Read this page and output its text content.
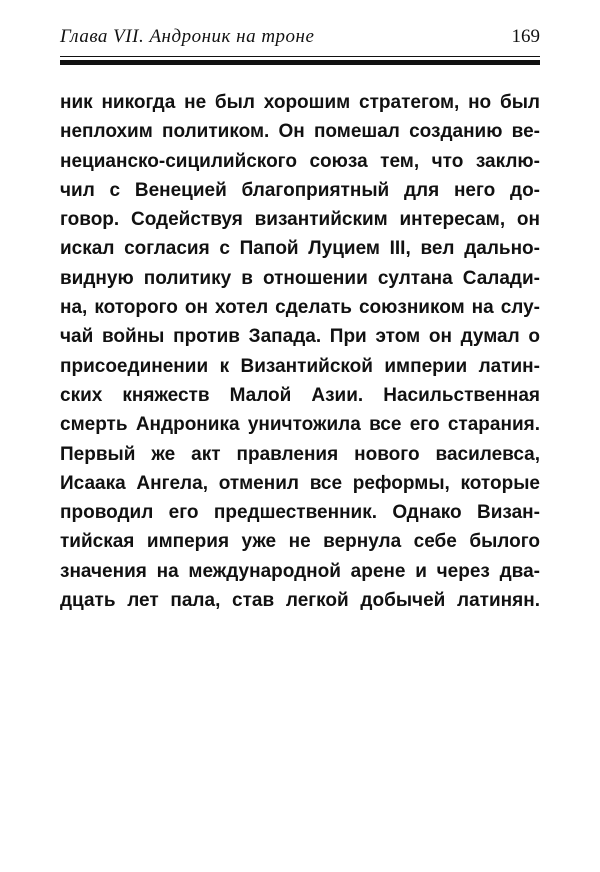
Глава VII. Андроник на троне	169
ник никогда не был хорошим стратегом, но был
неплохим политиком. Он помешал созданию ве-
нецианско-сицилийского союза тем, что заклю-
чил с Венецией благоприятный для него до-
говор. Содействуя византийским интересам, он
искал согласия с Папой Луцием III, вел дально-
видную политику в отношении султана Салади-
на, которого он хотел сделать союзником на слу-
чай войны против Запада. При этом он думал о
присоединении к Византийской империи латин-
ских княжеств Малой Азии. Насильственная
смерть Андроника уничтожила все его старания.
Первый же акт правления нового василевса,
Исаака Ангела, отменил все реформы, которые
проводил его предшественник. Однако Визан-
тийская империя уже не вернула себе былого
значения на международной арене и через два-
дцать лет пала, став легкой добычей латинян.
